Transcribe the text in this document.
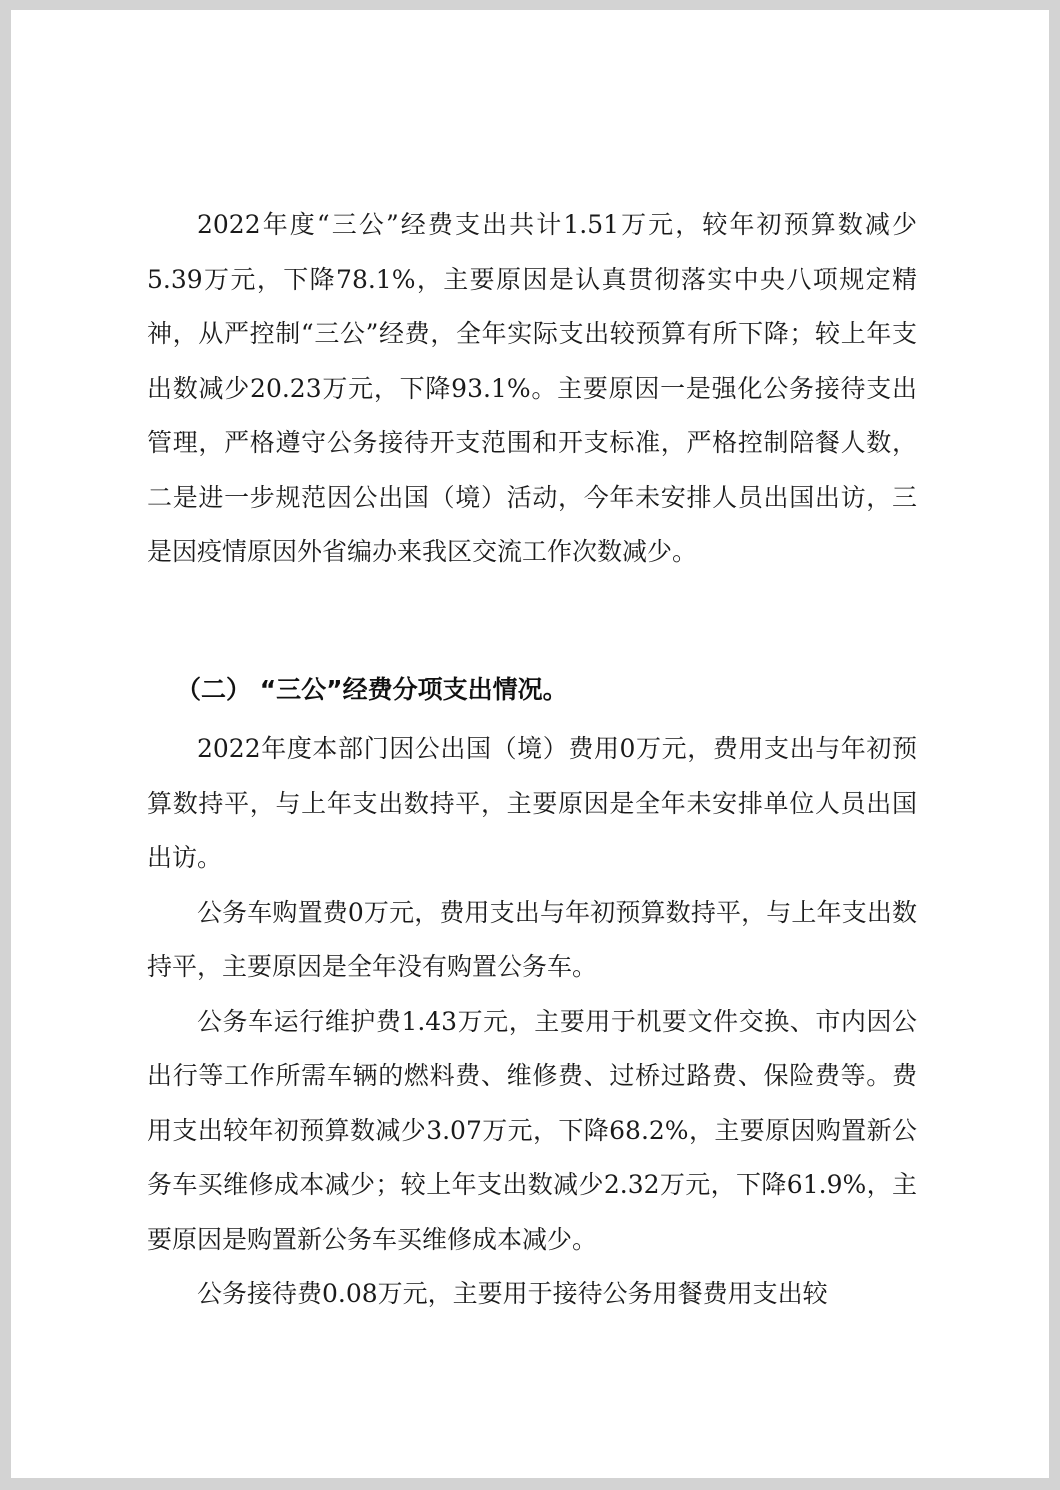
2022年度“三公”经费支出共计1.51万元，较年初预算数减少5.39万元，下降78.1%，主要原因是认真贯彻落实中央八项规定精神，从严控制“三公”经费，全年实际支出较预算有所下降；较上年支出数减少20.23万元，下降93.1%。主要原因一是强化公务接待支出管理，严格遵守公务接待开支范围和开支标准，严格控制陪餐人数，二是进一步规范因公出国（境）活动，今年未安排人员出国出访，三是因疫情原因外省编办来我区交流工作次数减少。

（二） “三公”经费分项支出情况。

2022年度本部门因公出国（境）费用0万元，费用支出与年初预算数持平，与上年支出数持平，主要原因是全年未安排单位人员出国出访。

公务车购置费0万元，费用支出与年初预算数持平，与上年支出数持平，主要原因是全年没有购置公务车。

公务车运行维护费1.43万元，主要用于机要文件交换、市内因公出行等工作所需车辆的燃料费、维修费、过桥过路费、保险费等。费用支出较年初预算数减少3.07万元，下降68.2%，主要原因购置新公务车买维修成本减少；较上年支出数减少2.32万元，下降61.9%，主要原因是购置新公务车买维修成本减少。

公务接待费0.08万元，主要用于接待公务用餐费用支出较
